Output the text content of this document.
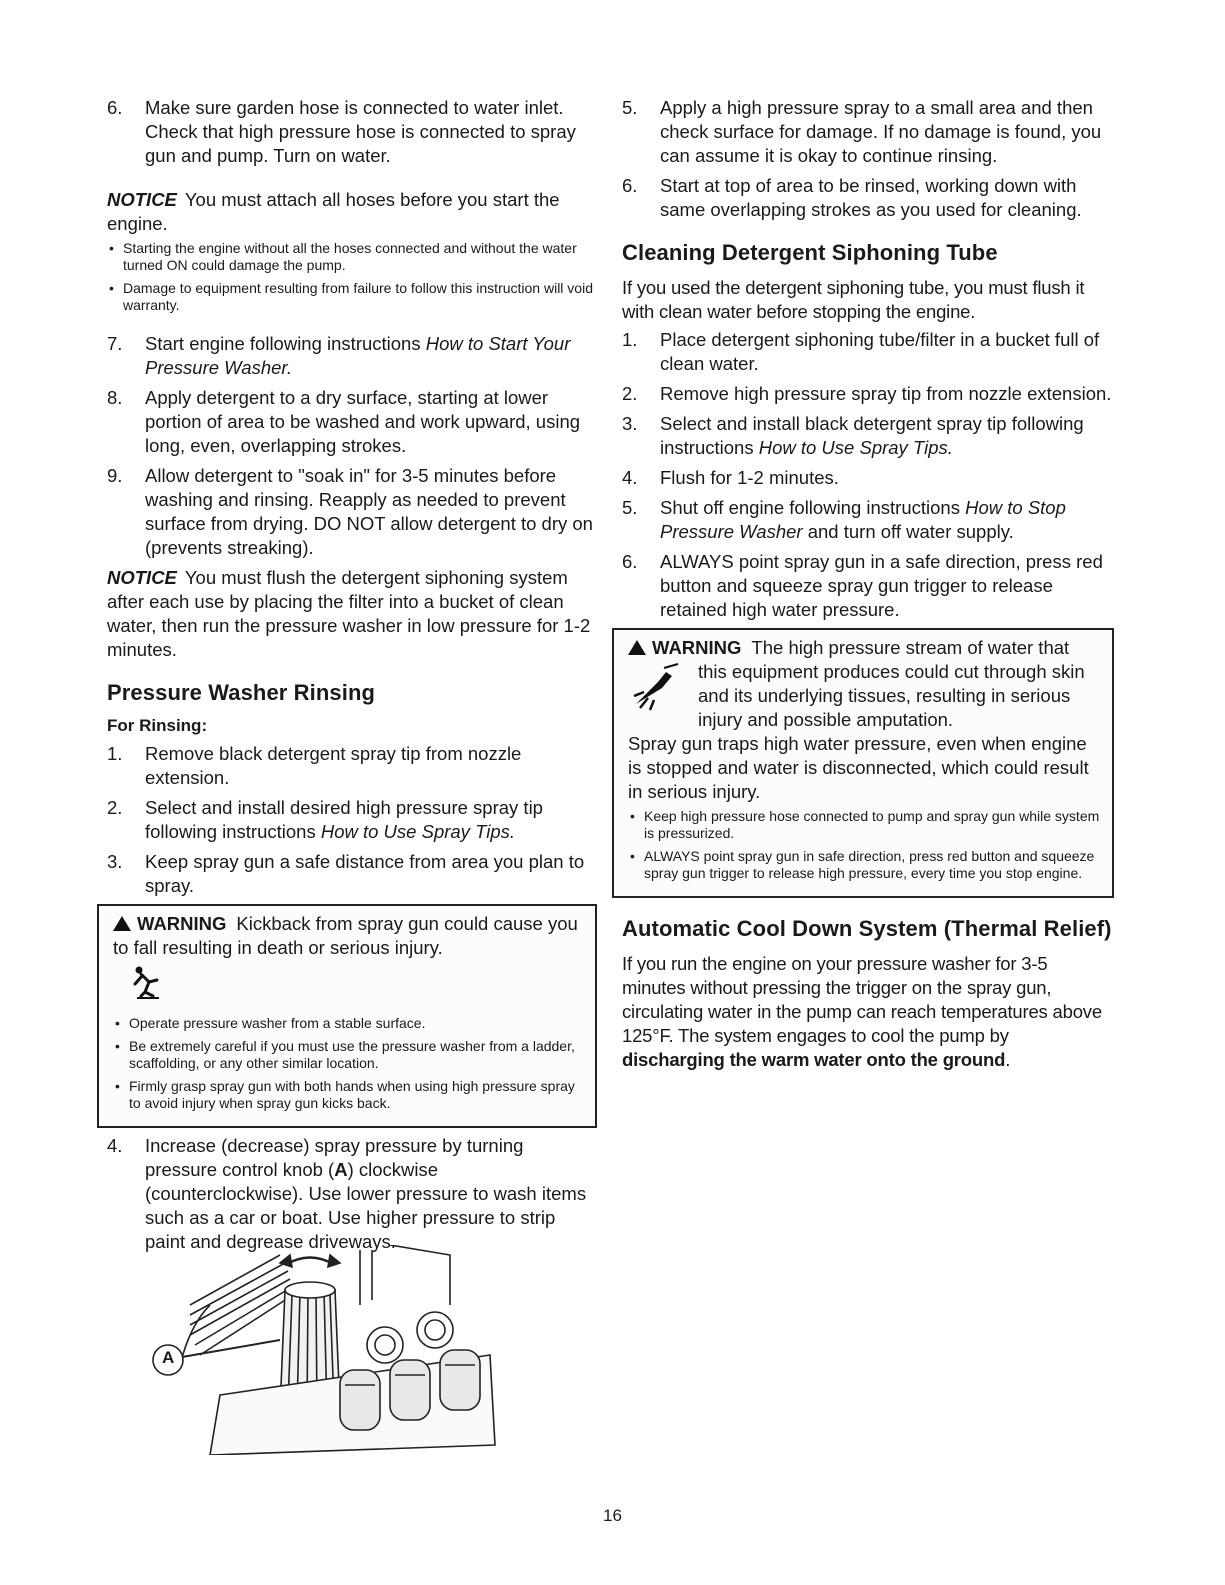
6. Make sure garden hose is connected to water inlet. Check that high pressure hose is connected to spray gun and pump. Turn on water.
NOTICE You must attach all hoses before you start the engine.
• Starting the engine without all the hoses connected and without the water turned ON could damage the pump.
• Damage to equipment resulting from failure to follow this instruction will void warranty.
7. Start engine following instructions How to Start Your Pressure Washer.
8. Apply detergent to a dry surface, starting at lower portion of area to be washed and work upward, using long, even, overlapping strokes.
9. Allow detergent to "soak in" for 3-5 minutes before washing and rinsing. Reapply as needed to prevent surface from drying. DO NOT allow detergent to dry on (prevents streaking).
NOTICE You must flush the detergent siphoning system after each use by placing the filter into a bucket of clean water, then run the pressure washer in low pressure for 1-2 minutes.
Pressure Washer Rinsing
For Rinsing:
1. Remove black detergent spray tip from nozzle extension.
2. Select and install desired high pressure spray tip following instructions How to Use Spray Tips.
3. Keep spray gun a safe distance from area you plan to spray.
WARNING Kickback from spray gun could cause you to fall resulting in death or serious injury.
• Operate pressure washer from a stable surface.
• Be extremely careful if you must use the pressure washer from a ladder, scaffolding, or any other similar location.
• Firmly grasp spray gun with both hands when using high pressure spray to avoid injury when spray gun kicks back.
4. Increase (decrease) spray pressure by turning pressure control knob (A) clockwise (counterclockwise). Use lower pressure to wash items such as a car or boat. Use higher pressure to strip paint and degrease driveways.
A
5. Apply a high pressure spray to a small area and then check surface for damage. If no damage is found, you can assume it is okay to continue rinsing.
6. Start at top of area to be rinsed, working down with same overlapping strokes as you used for cleaning.
Cleaning Detergent Siphoning Tube
If you used the detergent siphoning tube, you must flush it with clean water before stopping the engine.
1. Place detergent siphoning tube/filter in a bucket full of clean water.
2. Remove high pressure spray tip from nozzle extension.
3. Select and install black detergent spray tip following instructions How to Use Spray Tips.
4. Flush for 1-2 minutes.
5. Shut off engine following instructions How to Stop Pressure Washer and turn off water supply.
6. ALWAYS point spray gun in a safe direction, press red button and squeeze spray gun trigger to release retained high water pressure.
WARNING The high pressure stream of water that
this equipment produces could cut through skin and its underlying tissues, resulting in serious injury and possible amputation.
Spray gun traps high water pressure, even when engine is stopped and water is disconnected, which could result in serious injury.
• Keep high pressure hose connected to pump and spray gun while system is pressurized.
• ALWAYS point spray gun in safe direction, press red button and squeeze spray gun trigger to release high pressure, every time you stop engine.
Automatic Cool Down System (Thermal Relief)
If you run the engine on your pressure washer for 3-5 minutes without pressing the trigger on the spray gun, circulating water in the pump can reach temperatures above 125°F. The system engages to cool the pump by discharging the warm water onto the ground.
16
